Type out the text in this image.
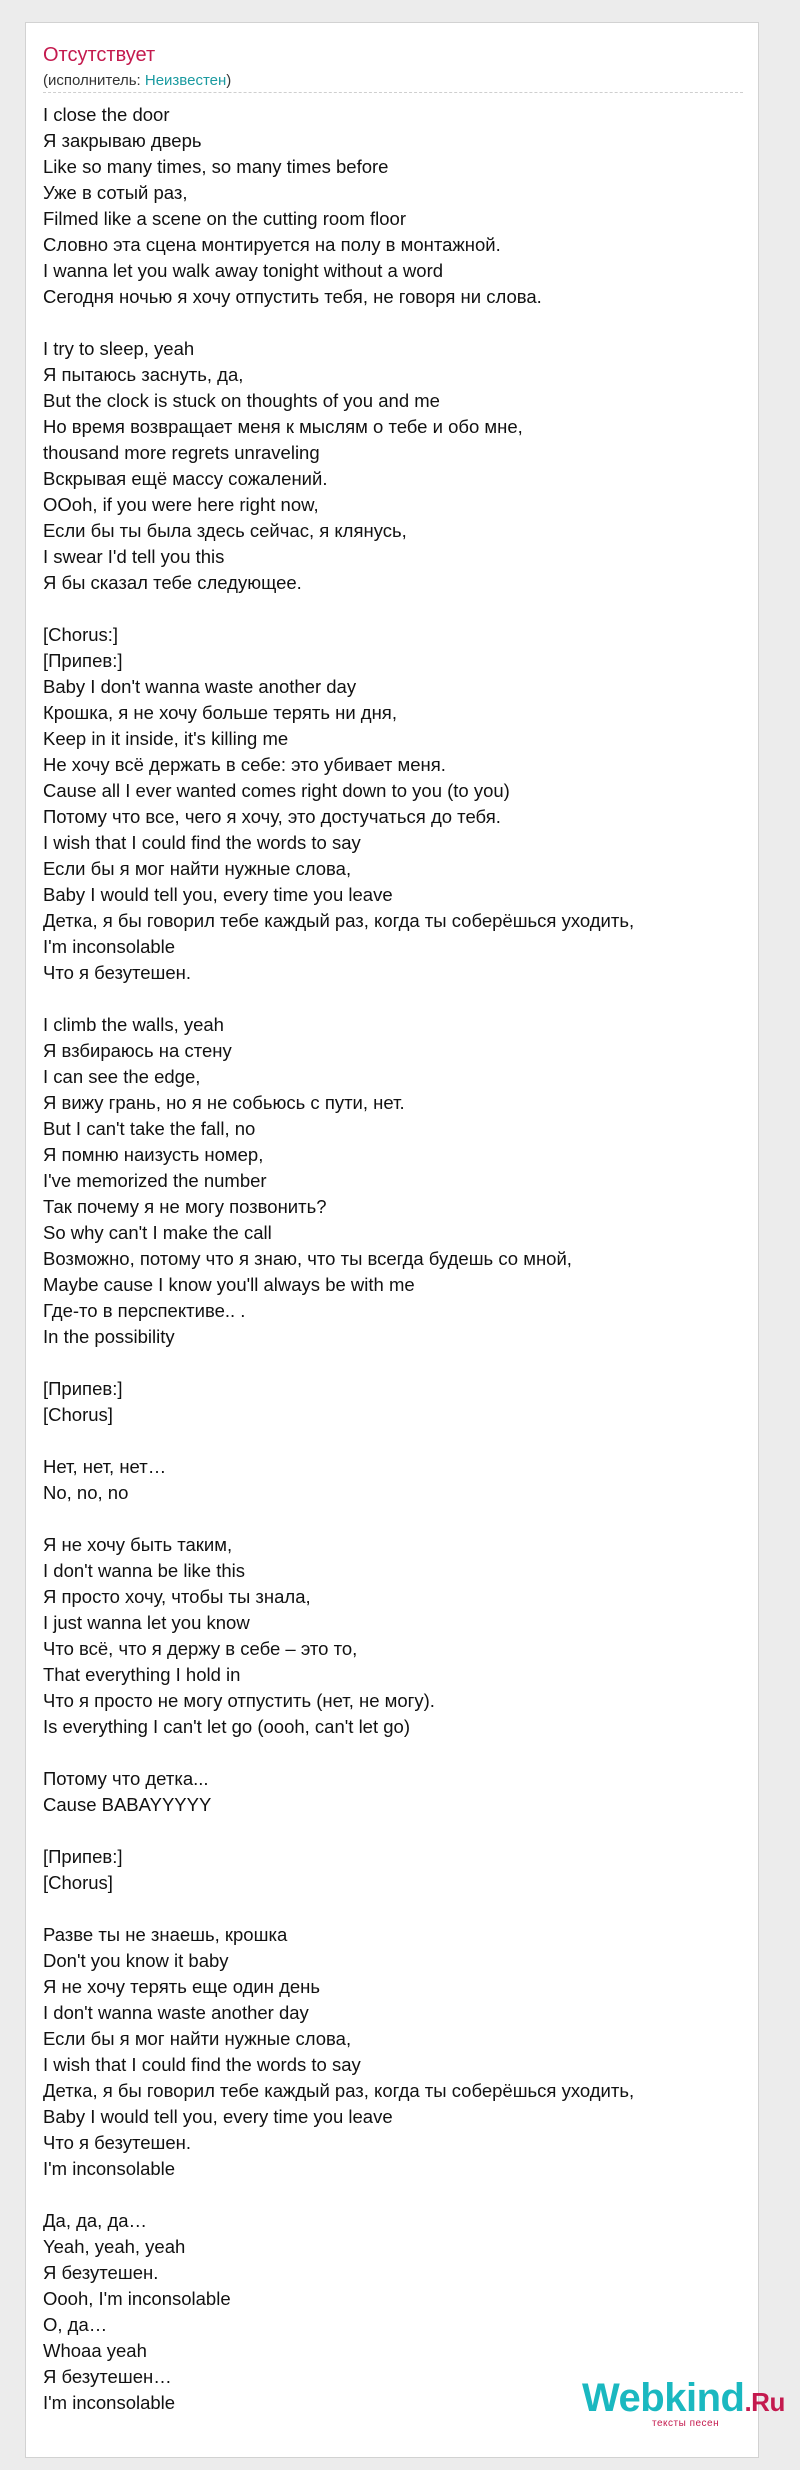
Отсутствует
(исполнитель: Неизвестен)
I close the door
Я закрываю дверь
Like so many times, so many times before
Уже в сотый раз,
Filmed like a scene on the cutting room floor
Словно эта сцена монтируется на полу в монтажной.
I wanna let you walk away tonight without a word
Сегодня ночью я хочу отпустить тебя, не говоря ни слова.
I try to sleep, yeah
Я пытаюсь заснуть, да,
But the clock is stuck on thoughts of you and me
Но время возвращает меня к мыслям о тебе и обо мне,
thousand more regrets unraveling
Вскрывая ещё массу сожалений.
OOoh, if you were here right now,
Если бы ты была здесь сейчас, я клянусь,
I swear I'd tell you this
Я бы сказал тебе следующее.
[Chorus:]
[Припев:]
Baby I don't wanna waste another day
Крошка, я не хочу больше терять ни дня,
Keep in it inside, it's killing me
Не хочу всё держать в себе: это убивает меня.
Cause all I ever wanted comes right down to you (to you)
Потому что все, чего я хочу, это достучаться до тебя.
I wish that I could find the words to say
Если бы я мог найти нужные слова,
Baby I would tell you, every time you leave
Детка, я бы говорил тебе каждый раз, когда ты соберёшься уходить,
I'm inconsolable
Что я безутешен.
I climb the walls, yeah
Я взбираюсь на стену
I can see the edge,
Я вижу грань, но я не собьюсь с пути, нет.
But I can't take the fall, no
Я помню наизусть номер,
I've memorized the number
Так почему я не могу позвонить?
So why can't I make the call
Возможно, потому что я знаю, что ты всегда будешь со мной,
Maybe cause I know you'll always be with me
Где-то в перспективе.. .
In the possibility
[Припев:]
[Chorus]
Нет, нет, нет…
No, no, no
Я не хочу быть таким,
I don't wanna be like this
Я просто хочу, чтобы ты знала,
I just wanna let you know
Что всё, что я держу в себе – это то,
That everything I hold in
Что я просто не могу отпустить (нет, не могу).
Is everything I can't let go (oooh, can't let go)
Потому что детка...
Cause BABAYYYYY
[Припев:]
[Chorus]
Разве ты не знаешь, крошка
Don't you know it baby
Я не хочу терять еще один день
I don't wanna waste another day
Если бы я мог найти нужные слова,
I wish that I could find the words to say
Детка, я бы говорил тебе каждый раз, когда ты соберёшься уходить,
Baby I would tell you, every time you leave
Что я безутешен.
I'm inconsolable
Да, да, да…
Yeah, yeah, yeah
Я безутешен.
Oooh, I'm inconsolable
О, да…
Whoaa yeah
Я безутешен…
I'm inconsolable	Webkind.Ru
тексты песен
